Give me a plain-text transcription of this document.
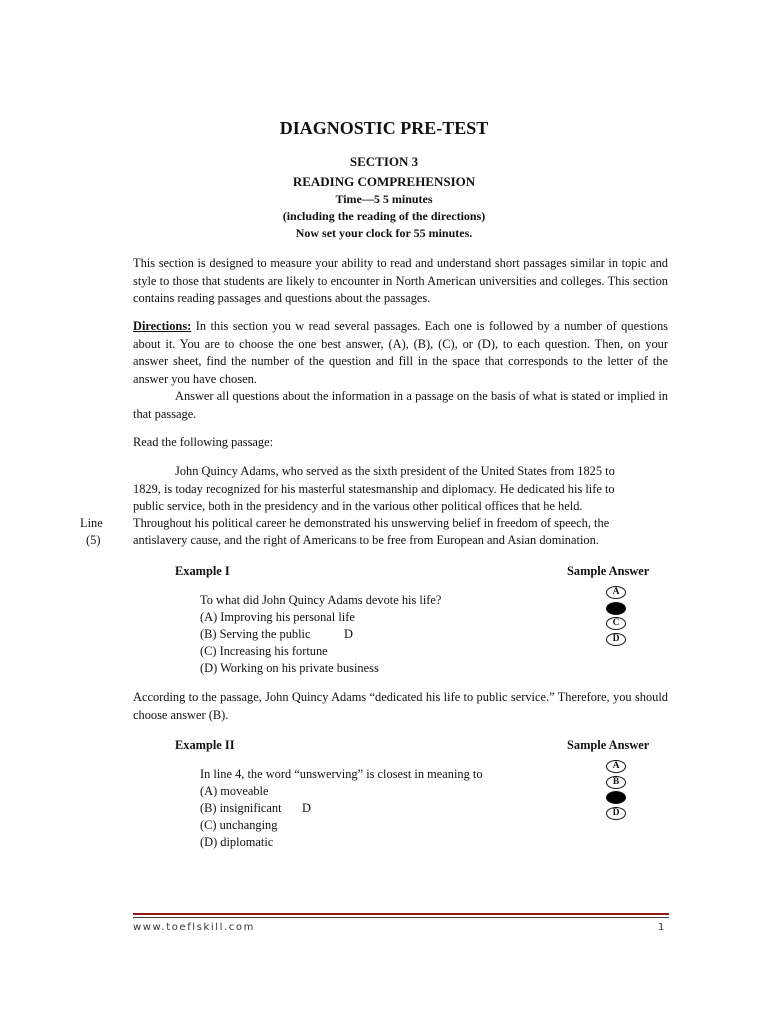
DIAGNOSTIC PRE-TEST
SECTION 3
READING COMPREHENSION
Time—5 5 minutes
(including the reading of the directions)
Now set your clock for 55 minutes.
This section is designed to measure your ability to read and understand short passages similar in topic and style to those that students are likely to encounter in North American universities and colleges. This section contains reading passages and questions about the passages.
Directions: In this section you w read several passages. Each one is followed by a number of questions about it. You are to choose the one best answer, (A), (B), (C), or (D), to each question. Then, on your answer sheet, find the number of the question and fill in the space that corresponds to the letter of the answer you have chosen.
Answer all questions about the information in a passage on the basis of what is stated or implied in that passage.
Read the following passage:
John Quincy Adams, who served as the sixth president of the United States from 1825 to
1829, is today recognized for his masterful statesmanship and diplomacy. He dedicated his life to
public service, both in the presidency and in the various other political offices that he held.
Throughout his political career he demonstrated his unswerving belief in freedom of speech, the
antislavery cause, and the right of Americans to be free from European and Asian domination.
Line
(5)
Example I	Sample Answer
To what did John Quincy Adams devote his life?
(A) Improving his personal life
(B) Serving the public	D
(C) Increasing his fortune
(D) Working on his private business
A
C
D
According to the passage, John Quincy Adams “dedicated his life to public service.” Therefore, you should choose answer (B).
Example II	Sample Answer
In line 4, the word “unswerving” is closest in meaning to
(A) moveable
(B) insignificant D
(C) unchanging
(D) diplomatic
A
B
D
www.toeflskill.com	1
